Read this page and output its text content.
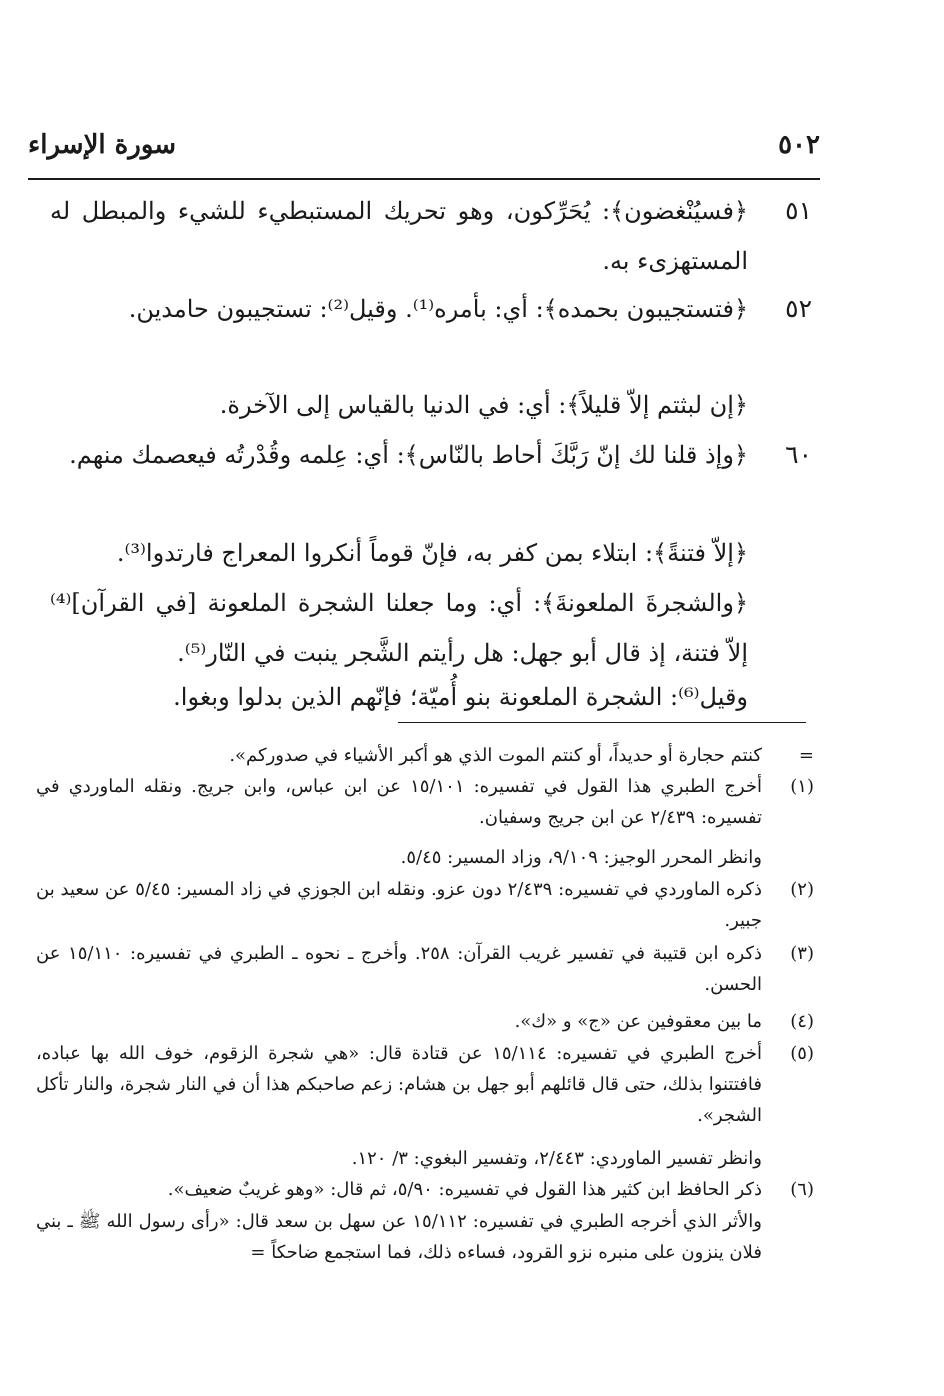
٥٠٢
سورة الإسراء
٥١
﴿فسيُنْغضون﴾: يُحَرِّكون، وهو تحريك المستبطيء للشيء والمبطل له المستهزىء به.
٥٢
﴿فتستجيبون بحمده﴾: أي: بأمره⁽¹⁾. وقيل⁽²⁾: تستجيبون حامدين.
﴿إن لبثتم إلاّ قليلاً﴾: أي: في الدنيا بالقياس إلى الآخرة.
٦٠
﴿وإذ قلنا لك إنّ رَبَّكَ أحاط بالنّاس﴾: أي: عِلمه وقُدْرتُه فيعصمك منهم.
﴿إلاّ فتنةً﴾: ابتلاء بمن كفر به، فإنّ قوماً أنكروا المعراج فارتدوا⁽³⁾.
﴿والشجرةَ الملعونةَ﴾: أي: وما جعلنا الشجرة الملعونة [في القرآن]⁽⁴⁾ إلاّ فتنة، إذ قال أبو جهل: هل رأيتم الشَّجر ينبت في النّار⁽⁵⁾.
وقيل⁽⁶⁾: الشجرة الملعونة بنو أُميّة؛ فإنّهم الذين بدلوا وبغوا.
=
كنتم حجارة أو حديداً، أو كنتم الموت الذي هو أكبر الأشياء في صدوركم».
(١)
أخرج الطبري هذا القول في تفسيره: ١٥/١٠١ عن ابن عباس، وابن جريج. ونقله الماوردي في تفسيره: ٢/٤٣٩ عن ابن جريج وسفيان.
وانظر المحرر الوجيز: ٩/١٠٩، وزاد المسير: ٥/٤٥.
(٢)
ذكره الماوردي في تفسيره: ٢/٤٣٩ دون عزو. ونقله ابن الجوزي في زاد المسير: ٥/٤٥ عن سعيد بن جبير.
(٣)
ذكره ابن قتيبة في تفسير غريب القرآن: ٢٥٨. وأخرج ـ نحوه ـ الطبري في تفسيره: ١٥/١١٠ عن الحسن.
(٤)
ما بين معقوفين عن «ج» و «ك».
(٥)
أخرج الطبري في تفسيره: ١٥/١١٤ عن قتادة قال: «هي شجرة الزقوم، خوف الله بها عباده، فافتتنوا بذلك، حتى قال قائلهم أبو جهل بن هشام: زعم صاحبكم هذا أن في النار شجرة، والنار تأكل الشجر».
وانظر تفسير الماوردي: ٢/٤٤٣، وتفسير البغوي: ٣/ ١٢٠.
(٦)
ذكر الحافظ ابن كثير هذا القول في تفسيره: ٥/٩٠، ثم قال: «وهو غريبٌ ضعيف».
والأثر الذي أخرجه الطبري في تفسيره: ١٥/١١٢ عن سهل بن سعد قال: «رأى رسول الله ﷺ ـ بني فلان ينزون على منبره نزو القرود، فساءه ذلك، فما استجمع ضاحكاً =
